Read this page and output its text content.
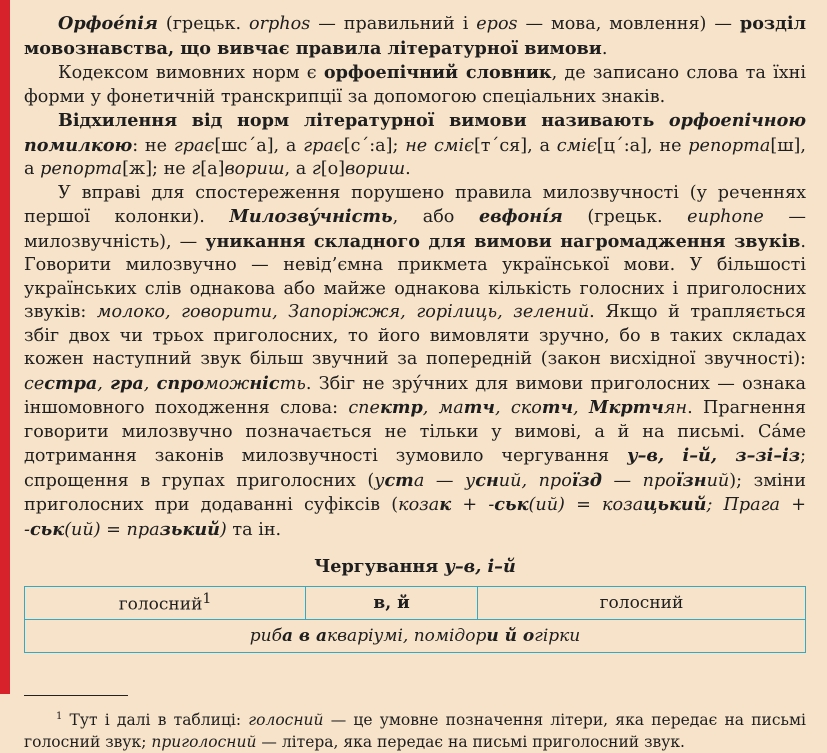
Орфое́пія (грецьк. orphos — правильний і epos — мова, мовлення) — розділ мовознавства, що вивчає правила літературної вимови.

Кодексом вимовних норм є орфоепічний словник, де записано слова та їхні форми у фонетичній транскрипції за допомогою спеціальних знаків.

Відхилення від норм літературної вимови називають орфоепічною помилкою: не грає[шс´а], а грає[с´:а]; не смiє[т´ся], а сміє[ц´:а], не репорта[ш], а репорта[ж]; не г[а]вориш, а г[о]вориш.

У вправі для спостереження порушено правила милозвучності (у реченнях першої колонки). Милозву́чність, або евфоні́я (грецьк. euphone — милозвучність), — уникання складного для вимови нагромадження звуків. Говорити милозвучно — невід’ємна прикмета української мови. У більшості українських слів однакова або майже однакова кількість голосних і приголосних звуків: молоко, говорити, Запоріжжя, горілиць, зелений. Якщо й трапляється збіг двох чи трьох приголосних, то його вимовляти зручно, бо в таких складах кожен наступний звук більш звучний за попередній (закон висхідної звучності): сестра, гра, спроможність. Збіг не зру́чних для вимови приголосних — ознака іншомовного походження слова: спектр, матч, скотч, Мкртчян. Прагнення говорити милозвучно позначається не тільки у вимові, а й на письмі. Са́ме дотримання законів милозвучності зумовило чергування у–в, і–й, з–зі–із; спрощення в групах приголосних (уста — усний, проїзд — проїзний); зміни приголосних при додаванні суфіксів (козак + -ськ(ий) = козацький; Прага + -ськ(ий) = празький) та ін.

Чергування у–в, і–й
голосний$^1$	в, й	голосний
риба в акваріумі, помідори й огірки
$^1$ Тут і далі в таблиці: голосний — це умовне позначення літери, яка передає на письмі голосний звук; приголосний — літера, яка передає на письмі приголосний звук.
